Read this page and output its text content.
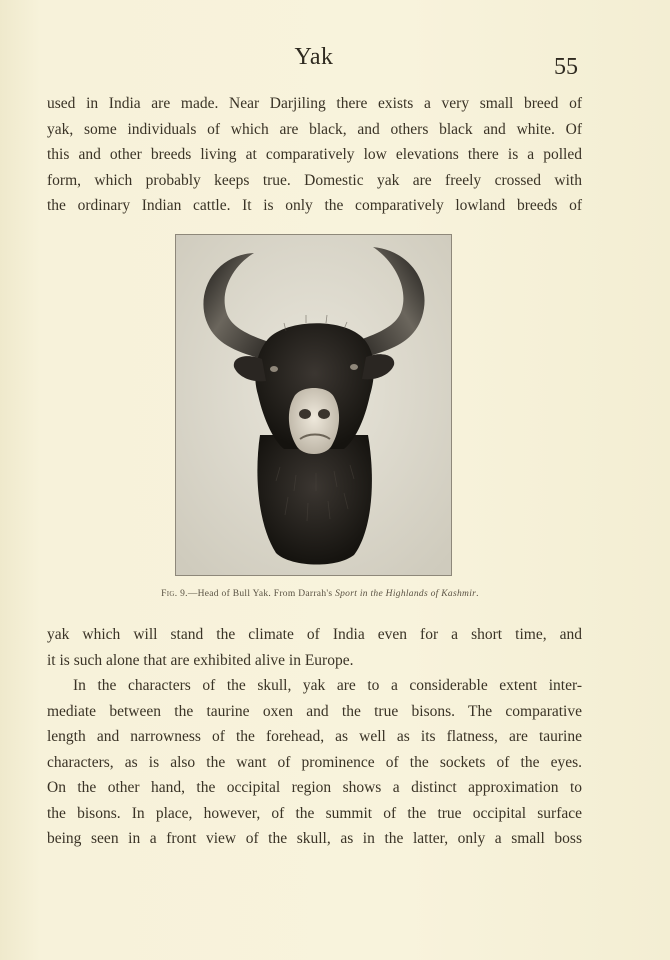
Yak	55
used in India are made. Near Darjiling there exists a very small breed of
yak, some individuals of which are black, and others black and white. Of
this and other breeds living at comparatively low elevations there is a polled
form, which probably keeps true. Domestic yak are freely crossed with
the ordinary Indian cattle. It is only the comparatively lowland breeds of
Fig. 9.—Head of Bull Yak. From Darrah's Sport in the Highlands of Kashmir.
yak which will stand the climate of India even for a short time, and
it is such alone that are exhibited alive in Europe.
In the characters of the skull, yak are to a considerable extent inter-
mediate between the taurine oxen and the true bisons. The comparative
length and narrowness of the forehead, as well as its flatness, are taurine
characters, as is also the want of prominence of the sockets of the eyes.
On the other hand, the occipital region shows a distinct approximation to
the bisons. In place, however, of the summit of the true occipital surface
being seen in a front view of the skull, as in the latter, only a small boss
